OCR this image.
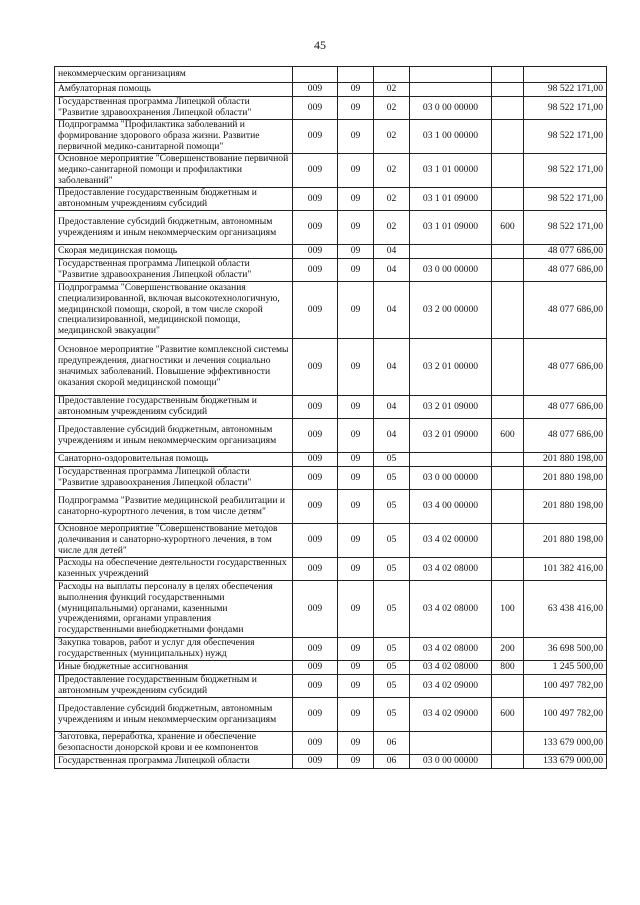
45
некоммерческим организациям						
Амбулаторная помощь	009	09	02			98 522 171,00
Государственная программа Липецкой области "Развитие здравоохранения Липецкой области"	009	09	02	03 0 00 00000		98 522 171,00
Подпрограмма "Профилактика заболеваний и формирование здорового образа жизни. Развитие первичной медико-санитарной помощи"	009	09	02	03 1 00 00000		98 522 171,00
Основное мероприятие "Совершенствование первичной медико-санитарной помощи и профилактики заболеваний"	009	09	02	03 1 01 00000		98 522 171,00
Предоставление государственным бюджетным и автономным учреждениям субсидий	009	09	02	03 1 01 09000		98 522 171,00
Предоставление субсидий бюджетным, автономным учреждениям и иным некоммерческим организациям	009	09	02	03 1 01 09000	600	98 522 171,00
Скорая медицинская помощь	009	09	04			48 077 686,00
Государственная программа Липецкой области "Развитие здравоохранения Липецкой области"	009	09	04	03 0 00 00000		48 077 686,00
Подпрограмма "Совершенствование оказания специализированной, включая высокотехнологичную, медицинской помощи, скорой, в том числе скорой специализированной, медицинской помощи, медицинской эвакуации"	009	09	04	03 2 00 00000		48 077 686,00
Основное мероприятие "Развитие комплексной системы предупреждения, диагностики и лечения социально значимых заболеваний. Повышение эффективности оказания скорой медицинской помощи"	009	09	04	03 2 01 00000		48 077 686,00
Предоставление государственным бюджетным и автономным учреждениям субсидий	009	09	04	03 2 01 09000		48 077 686,00
Предоставление субсидий бюджетным, автономным учреждениям и иным некоммерческим организациям	009	09	04	03 2 01 09000	600	48 077 686,00
Санаторно-оздоровительная помощь	009	09	05			201 880 198,00
Государственная программа Липецкой области "Развитие здравоохранения Липецкой области"	009	09	05	03 0 00 00000		201 880 198,00
Подпрограмма "Развитие медицинской реабилитации и санаторно-курортного лечения, в том числе детям"	009	09	05	03 4 00 00000		201 880 198,00
Основное мероприятие "Совершенствование методов долечивания и санаторно-курортного лечения, в том числе для детей"	009	09	05	03 4 02 00000		201 880 198,00
Расходы на обеспечение деятельности государственных казенных учреждений	009	09	05	03 4 02 08000		101 382 416,00
Расходы на выплаты персоналу в целях обеспечения выполнения функций государственными (муниципальными) органами, казенными учреждениями, органами управления государственными внебюджетными фондами	009	09	05	03 4 02 08000	100	63 438 416,00
Закупка товаров, работ и услуг для обеспечения государственных (муниципальных) нужд	009	09	05	03 4 02 08000	200	36 698 500,00
Иные бюджетные ассигнования	009	09	05	03 4 02 08000	800	1 245 500,00
Предоставление государственным бюджетным и автономным учреждениям субсидий	009	09	05	03 4 02 09000		100 497 782,00
Предоставление субсидий бюджетным, автономным учреждениям и иным некоммерческим организациям	009	09	05	03 4 02 09000	600	100 497 782,00
Заготовка, переработка, хранение и обеспечение безопасности донорской крови и ее компонентов	009	09	06			133 679 000,00
Государственная программа Липецкой области	009	09	06	03 0 00 00000		133 679 000,00
